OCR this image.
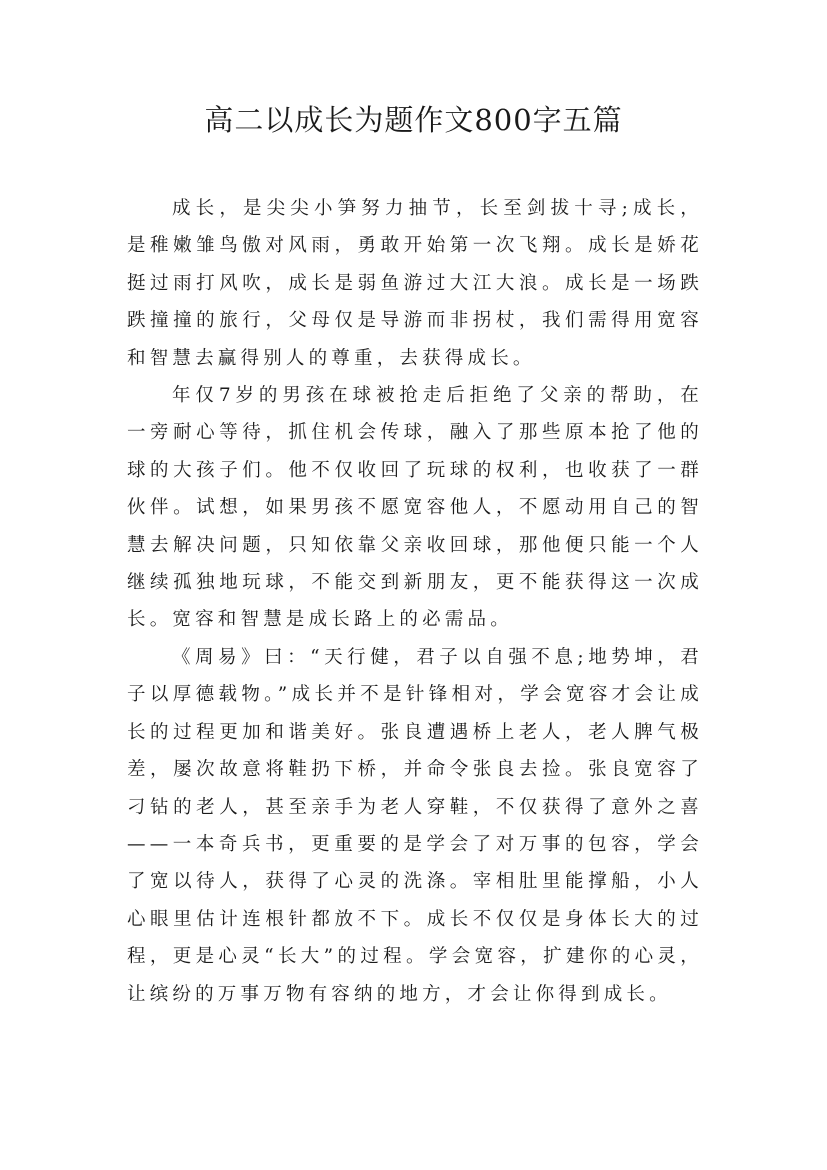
高二以成长为题作文800字五篇

成长，是尖尖小笋努力抽节，长至剑拔十寻;成长，是稚嫩雏鸟傲对风雨，勇敢开始第一次飞翔。成长是娇花挺过雨打风吹，成长是弱鱼游过大江大浪。成长是一场跌跌撞撞的旅行，父母仅是导游而非拐杖，我们需得用宽容和智慧去赢得别人的尊重，去获得成长。

年仅7岁的男孩在球被抢走后拒绝了父亲的帮助，在一旁耐心等待，抓住机会传球，融入了那些原本抢了他的球的大孩子们。他不仅收回了玩球的权利，也收获了一群伙伴。试想，如果男孩不愿宽容他人，不愿动用自己的智慧去解决问题，只知依靠父亲收回球，那他便只能一个人继续孤独地玩球，不能交到新朋友，更不能获得这一次成长。宽容和智慧是成长路上的必需品。

《周易》曰：“天行健，君子以自强不息;地势坤，君子以厚德载物。”成长并不是针锋相对，学会宽容才会让成长的过程更加和谐美好。张良遭遇桥上老人，老人脾气极差，屡次故意将鞋扔下桥，并命令张良去捡。张良宽容了刁钻的老人，甚至亲手为老人穿鞋，不仅获得了意外之喜——一本奇兵书，更重要的是学会了对万事的包容，学会了宽以待人，获得了心灵的洗涤。宰相肚里能撑船，小人心眼里估计连根针都放不下。成长不仅仅是身体长大的过程，更是心灵“长大”的过程。学会宽容，扩建你的心灵，让缤纷的万事万物有容纳的地方，才会让你得到成长。
